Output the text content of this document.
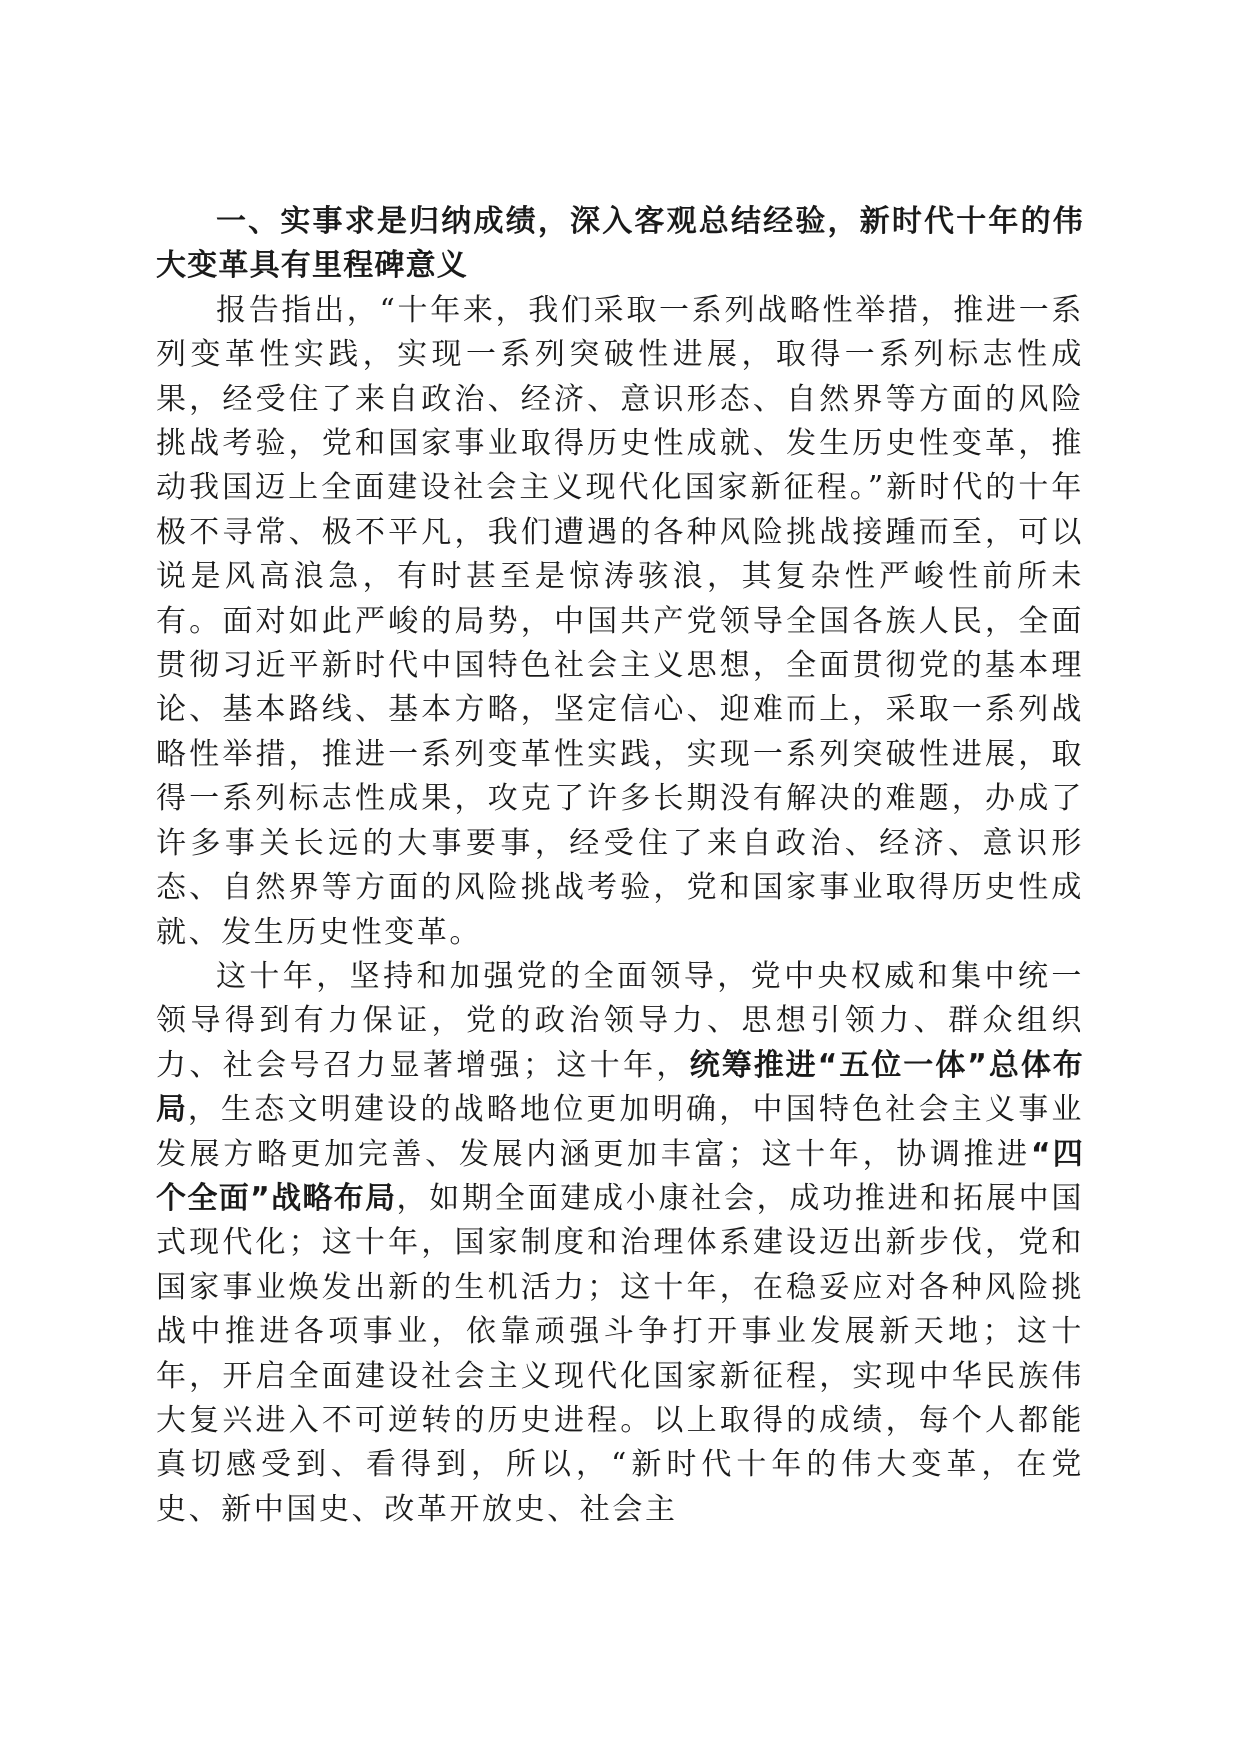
一、实事求是归纳成绩，深入客观总结经验，新时代十年的伟大变革具有里程碑意义

报告指出，“十年来，我们采取一系列战略性举措，推进一系列变革性实践，实现一系列突破性进展，取得一系列标志性成果，经受住了来自政治、经济、意识形态、自然界等方面的风险挑战考验，党和国家事业取得历史性成就、发生历史性变革，推动我国迈上全面建设社会主义现代化国家新征程。”新时代的十年极不寻常、极不平凡，我们遭遇的各种风险挑战接踵而至，可以说是风高浪急，有时甚至是惊涛骇浪，其复杂性严峻性前所未有。面对如此严峻的局势，中国共产党领导全国各族人民，全面贯彻习近平新时代中国特色社会主义思想，全面贯彻党的基本理论、基本路线、基本方略，坚定信心、迎难而上，采取一系列战略性举措，推进一系列变革性实践，实现一系列突破性进展，取得一系列标志性成果，攻克了许多长期没有解决的难题，办成了许多事关长远的大事要事，经受住了来自政治、经济、意识形态、自然界等方面的风险挑战考验，党和国家事业取得历史性成就、发生历史性变革。

这十年，坚持和加强党的全面领导，党中央权威和集中统一领导得到有力保证，党的政治领导力、思想引领力、群众组织力、社会号召力显著增强；这十年，统筹推进“五位一体”总体布局，生态文明建设的战略地位更加明确，中国特色社会主义事业发展方略更加完善、发展内涵更加丰富；这十年，协调推进“四个全面”战略布局，如期全面建成小康社会，成功推进和拓展中国式现代化；这十年，国家制度和治理体系建设迈出新步伐，党和国家事业焕发出新的生机活力；这十年，在稳妥应对各种风险挑战中推进各项事业，依靠顽强斗争打开事业发展新天地；这十年，开启全面建设社会主义现代化国家新征程，实现中华民族伟大复兴进入不可逆转的历史进程。以上取得的成绩，每个人都能真切感受到、看得到，所以，“新时代十年的伟大变革，在党史、新中国史、改革开放史、社会主
